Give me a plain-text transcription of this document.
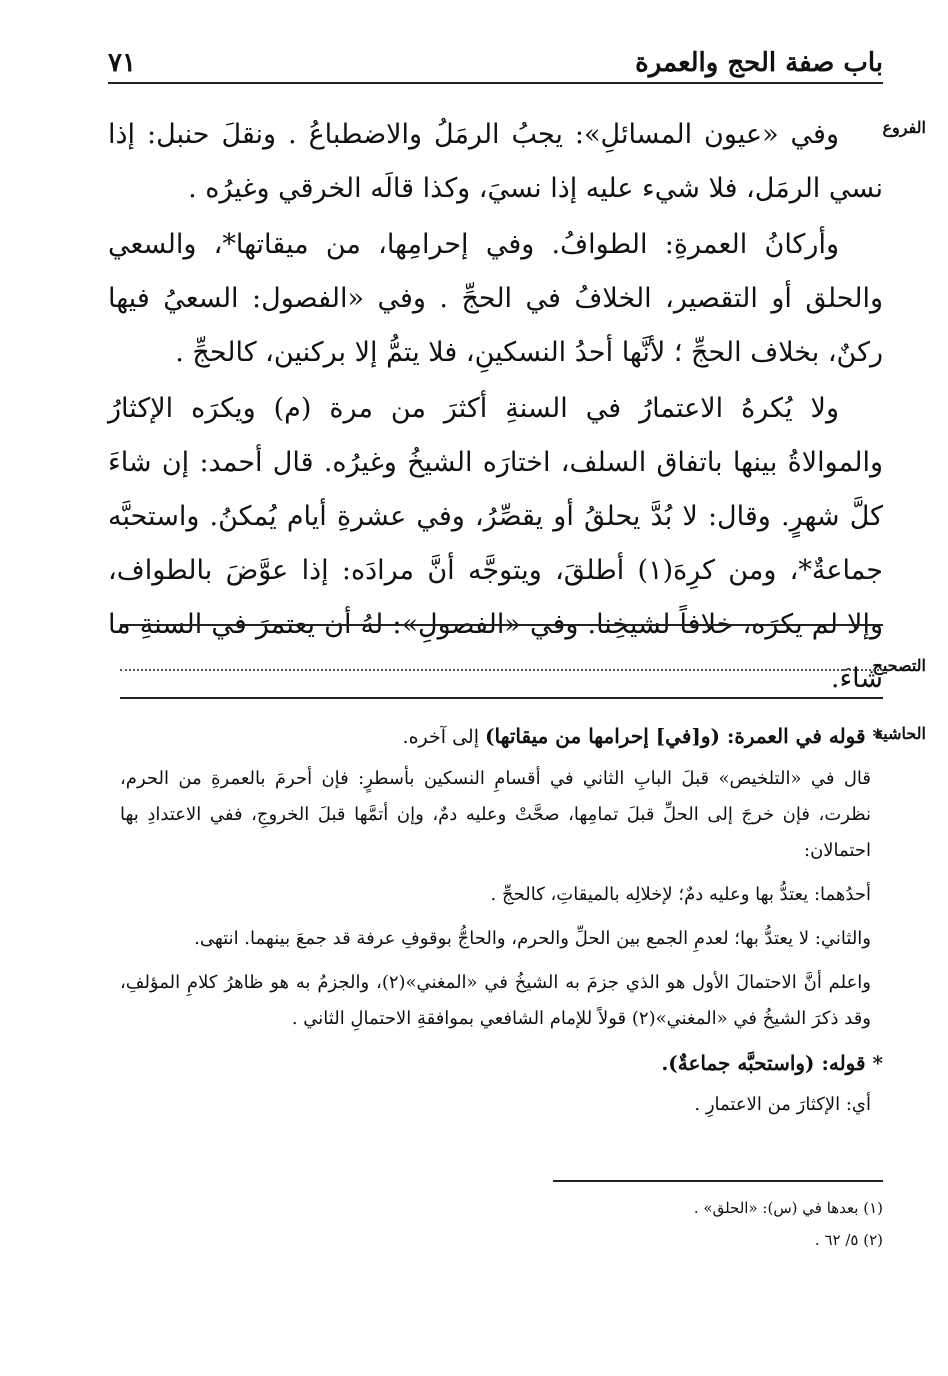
٧١	باب صفة الحج والعمرة
الفروع
التصحيح
الحاشية

وفي «عيون المسائلِ»: يجبُ الرمَلُ والاضطباعُ . ونقلَ حنبل: إذا نسي الرمَل، فلا شيء عليه إذا نسيَ، وكذا قالَه الخرقي وغيرُه .

وأركانُ العمرةِ: الطوافُ. وفي إحرامِها، من ميقاتها*، والسعي والحلق أو التقصير، الخلافُ في الحجِّ . وفي «الفصول: السعيُ فيها ركنٌ، بخلاف الحجِّ ؛ لأنَّها أحدُ النسكينِ، فلا يتمُّ إلا بركنين، كالحجِّ .

ولا يُكرهُ الاعتمارُ في السنةِ أكثرَ من مرة (م) ويكرَه الإكثارُ والموالاةُ بينها باتفاق السلف، اختارَه الشيخُ وغيرُه. قال أحمد: إن شاءَ كلَّ شهرٍ. وقال: لا بُدَّ يحلقُ أو يقصِّرُ، وفي عشرةِ أيام يُمكنُ. واستحبَّه جماعةٌ*، ومن كرِهَ(١) أطلقَ، ويتوجَّه أنَّ مرادَه: إذا عوَّضَ بالطواف، وإلا لم يكرَه، خلافاً لشيخِنا. وفي «الفصولِ»: لهُ أن يعتمرَ في السنةِ ما شاءَ.

* قوله في العمرة: (و[في] إحرامها من ميقاتها) إلى آخره.

قال في «التلخيص» قبلَ البابِ الثاني في أقسامِ النسكين بأسطرٍ: فإن أحرمَ بالعمرةِ من الحرم، نظرت، فإن خرجَ إلى الحلِّ قبلَ تمامِها، صحَّتْ وعليه دمٌ، وإن أتمَّها قبلَ الخروجِ، ففي الاعتدادِ بها احتمالان:

أحدُهما: يعتدُّ بها وعليه دمٌ؛ لإخلالِه بالميقاتِ، كالحجِّ .

والثاني: لا يعتدُّ بها؛ لعدمِ الجمع بين الحلِّ والحرم، والحاجُّ بوقوفِ عرفة قد جمعَ بينهما. انتهى.

واعلم أنَّ الاحتمالَ الأول هو الذي جزمَ به الشيخُ في «المغني»(٢)، والجزمُ به هو ظاهرُ كلامِ المؤلفِ، وقد ذكرَ الشيخُ في «المغني»(٢) قولاً للإمام الشافعي بموافقةِ الاحتمالِ الثاني .

* قوله: (واستحبَّه جماعةٌ).

أي: الإكثارَ من الاعتمارِ .

(١) بعدها في (س): «الحلق» .
(٢) ٥/ ٦٢ .
